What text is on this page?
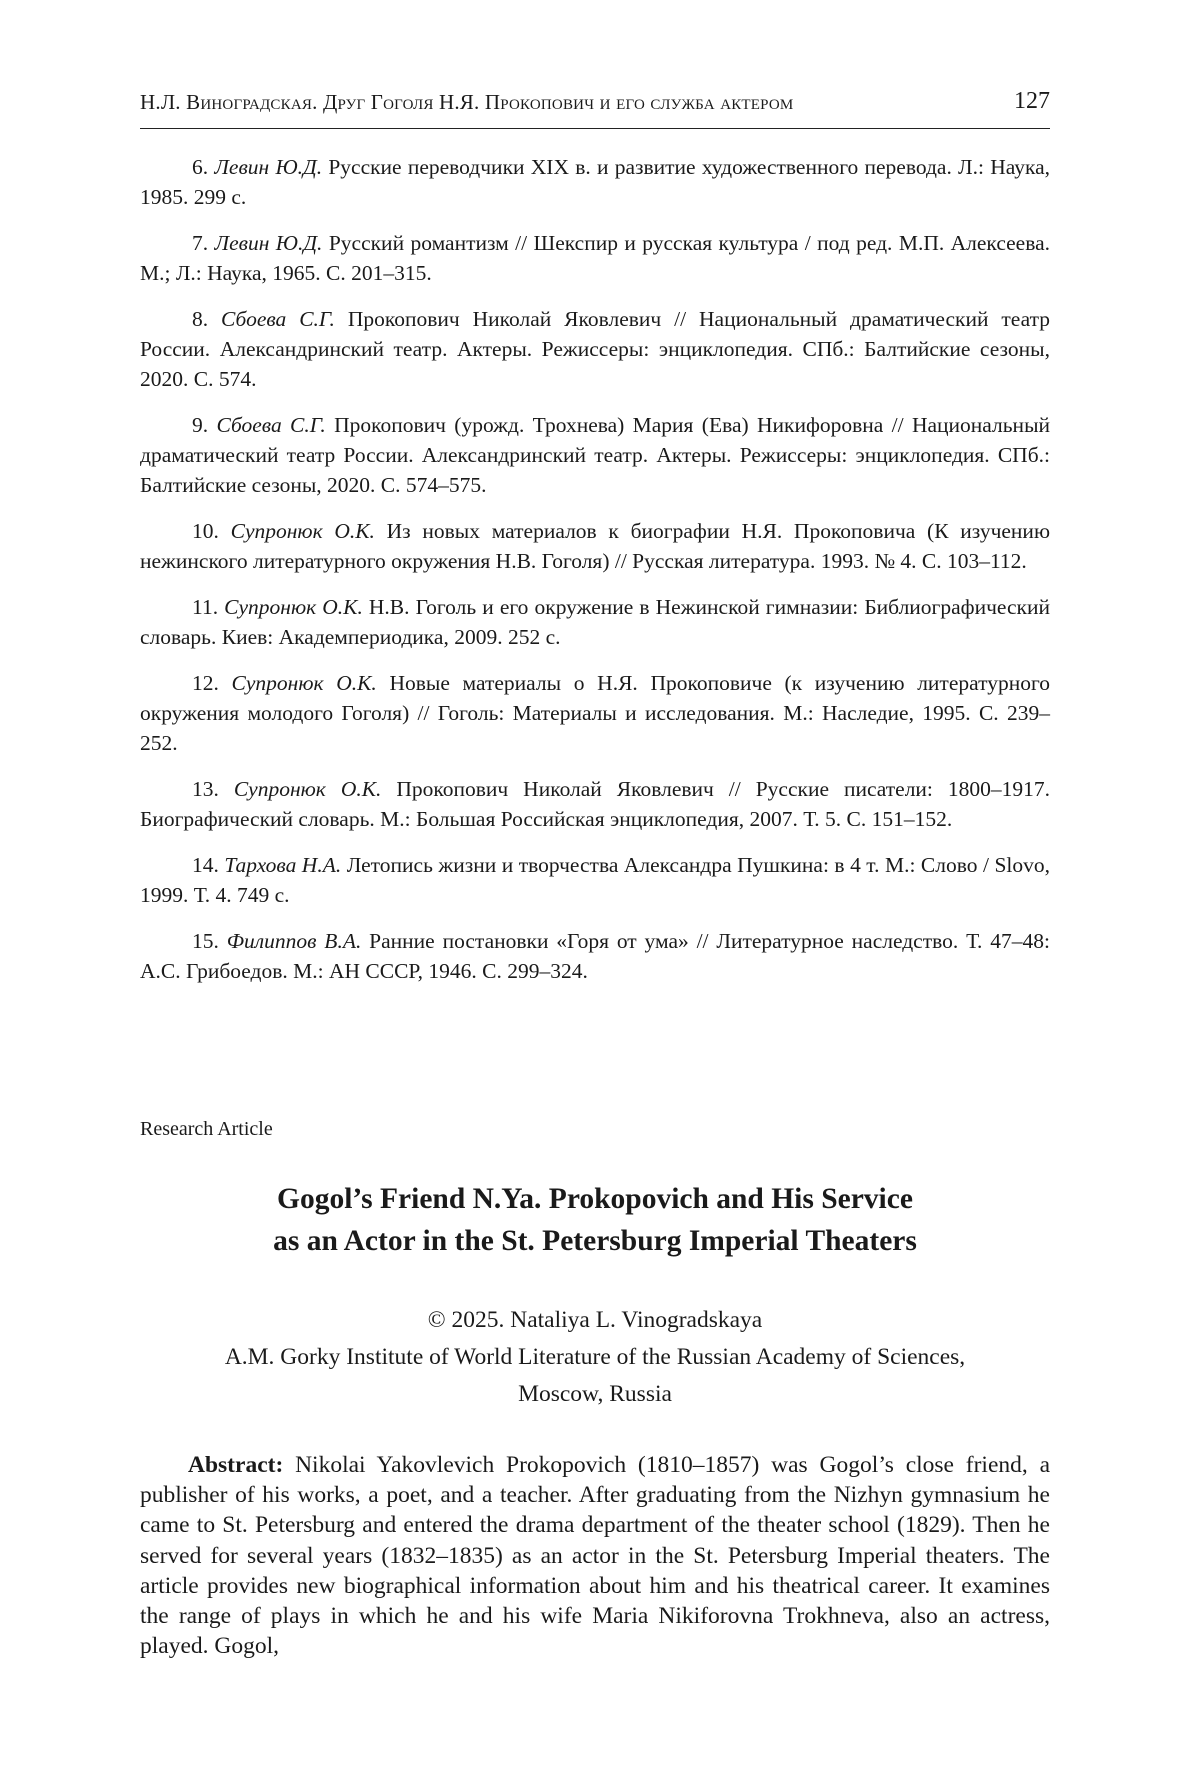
Н.Л. Виноградская. Друг Гоголя Н.Я. Прокопович и его служба актером	127

6. Левин Ю.Д. Русские переводчики XIX в. и развитие художественного перевода. Л.: Наука, 1985. 299 с.

7. Левин Ю.Д. Русский романтизм // Шекспир и русская культура / под ред. М.П. Алексеева. М.; Л.: Наука, 1965. С. 201–315.

8. Сбоева С.Г. Прокопович Николай Яковлевич // Национальный драматический театр России. Александринский театр. Актеры. Режиссеры: энциклопедия. СПб.: Балтийские сезоны, 2020. С. 574.

9. Сбоева С.Г. Прокопович (урожд. Трохнева) Мария (Ева) Никифоровна // Национальный драматический театр России. Александринский театр. Актеры. Режиссеры: энциклопедия. СПб.: Балтийские сезоны, 2020. С. 574–575.

10. Супронюк О.К. Из новых материалов к биографии Н.Я. Прокоповича (К изучению нежинского литературного окружения Н.В. Гоголя) // Русская литература. 1993. № 4. С. 103–112.

11. Супронюк О.К. Н.В. Гоголь и его окружение в Нежинской гимназии: Библиографический словарь. Киев: Академпериодика, 2009. 252 с.

12. Супронюк О.К. Новые материалы о Н.Я. Прокоповиче (к изучению литературного окружения молодого Гоголя) // Гоголь: Материалы и исследования. М.: Наследие, 1995. С. 239–252.

13. Супронюк О.К. Прокопович Николай Яковлевич // Русские писатели: 1800–1917. Биографический словарь. М.: Большая Российская энциклопедия, 2007. Т. 5. С. 151–152.

14. Тархова Н.А. Летопись жизни и творчества Александра Пушкина: в 4 т. М.: Слово / Slovo, 1999. Т. 4. 749 с.

15. Филиппов В.А. Ранние постановки «Горя от ума» // Литературное наследство. Т. 47–48: А.С. Грибоедов. М.: АН СССР, 1946. С. 299–324.

Research Article
Gogol’s Friend N.Ya. Prokopovich and His Service
as an Actor in the St. Petersburg Imperial Theaters
© 2025. Nataliya L. Vinogradskaya
A.M. Gorky Institute of World Literature of the Russian Academy of Sciences,
Moscow, Russia

Abstract: Nikolai Yakovlevich Prokopovich (1810–1857) was Gogol’s close friend, a publisher of his works, a poet, and a teacher. After graduating from the Nizhyn gymnasium he came to St. Petersburg and entered the drama department of the theater school (1829). Then he served for several years (1832–1835) as an actor in the St. Petersburg Imperial theaters. The article provides new biographical information about him and his theatrical career. It examines the range of plays in which he and his wife Maria Nikiforovna Trokhneva, also an actress, played. Gogol,
